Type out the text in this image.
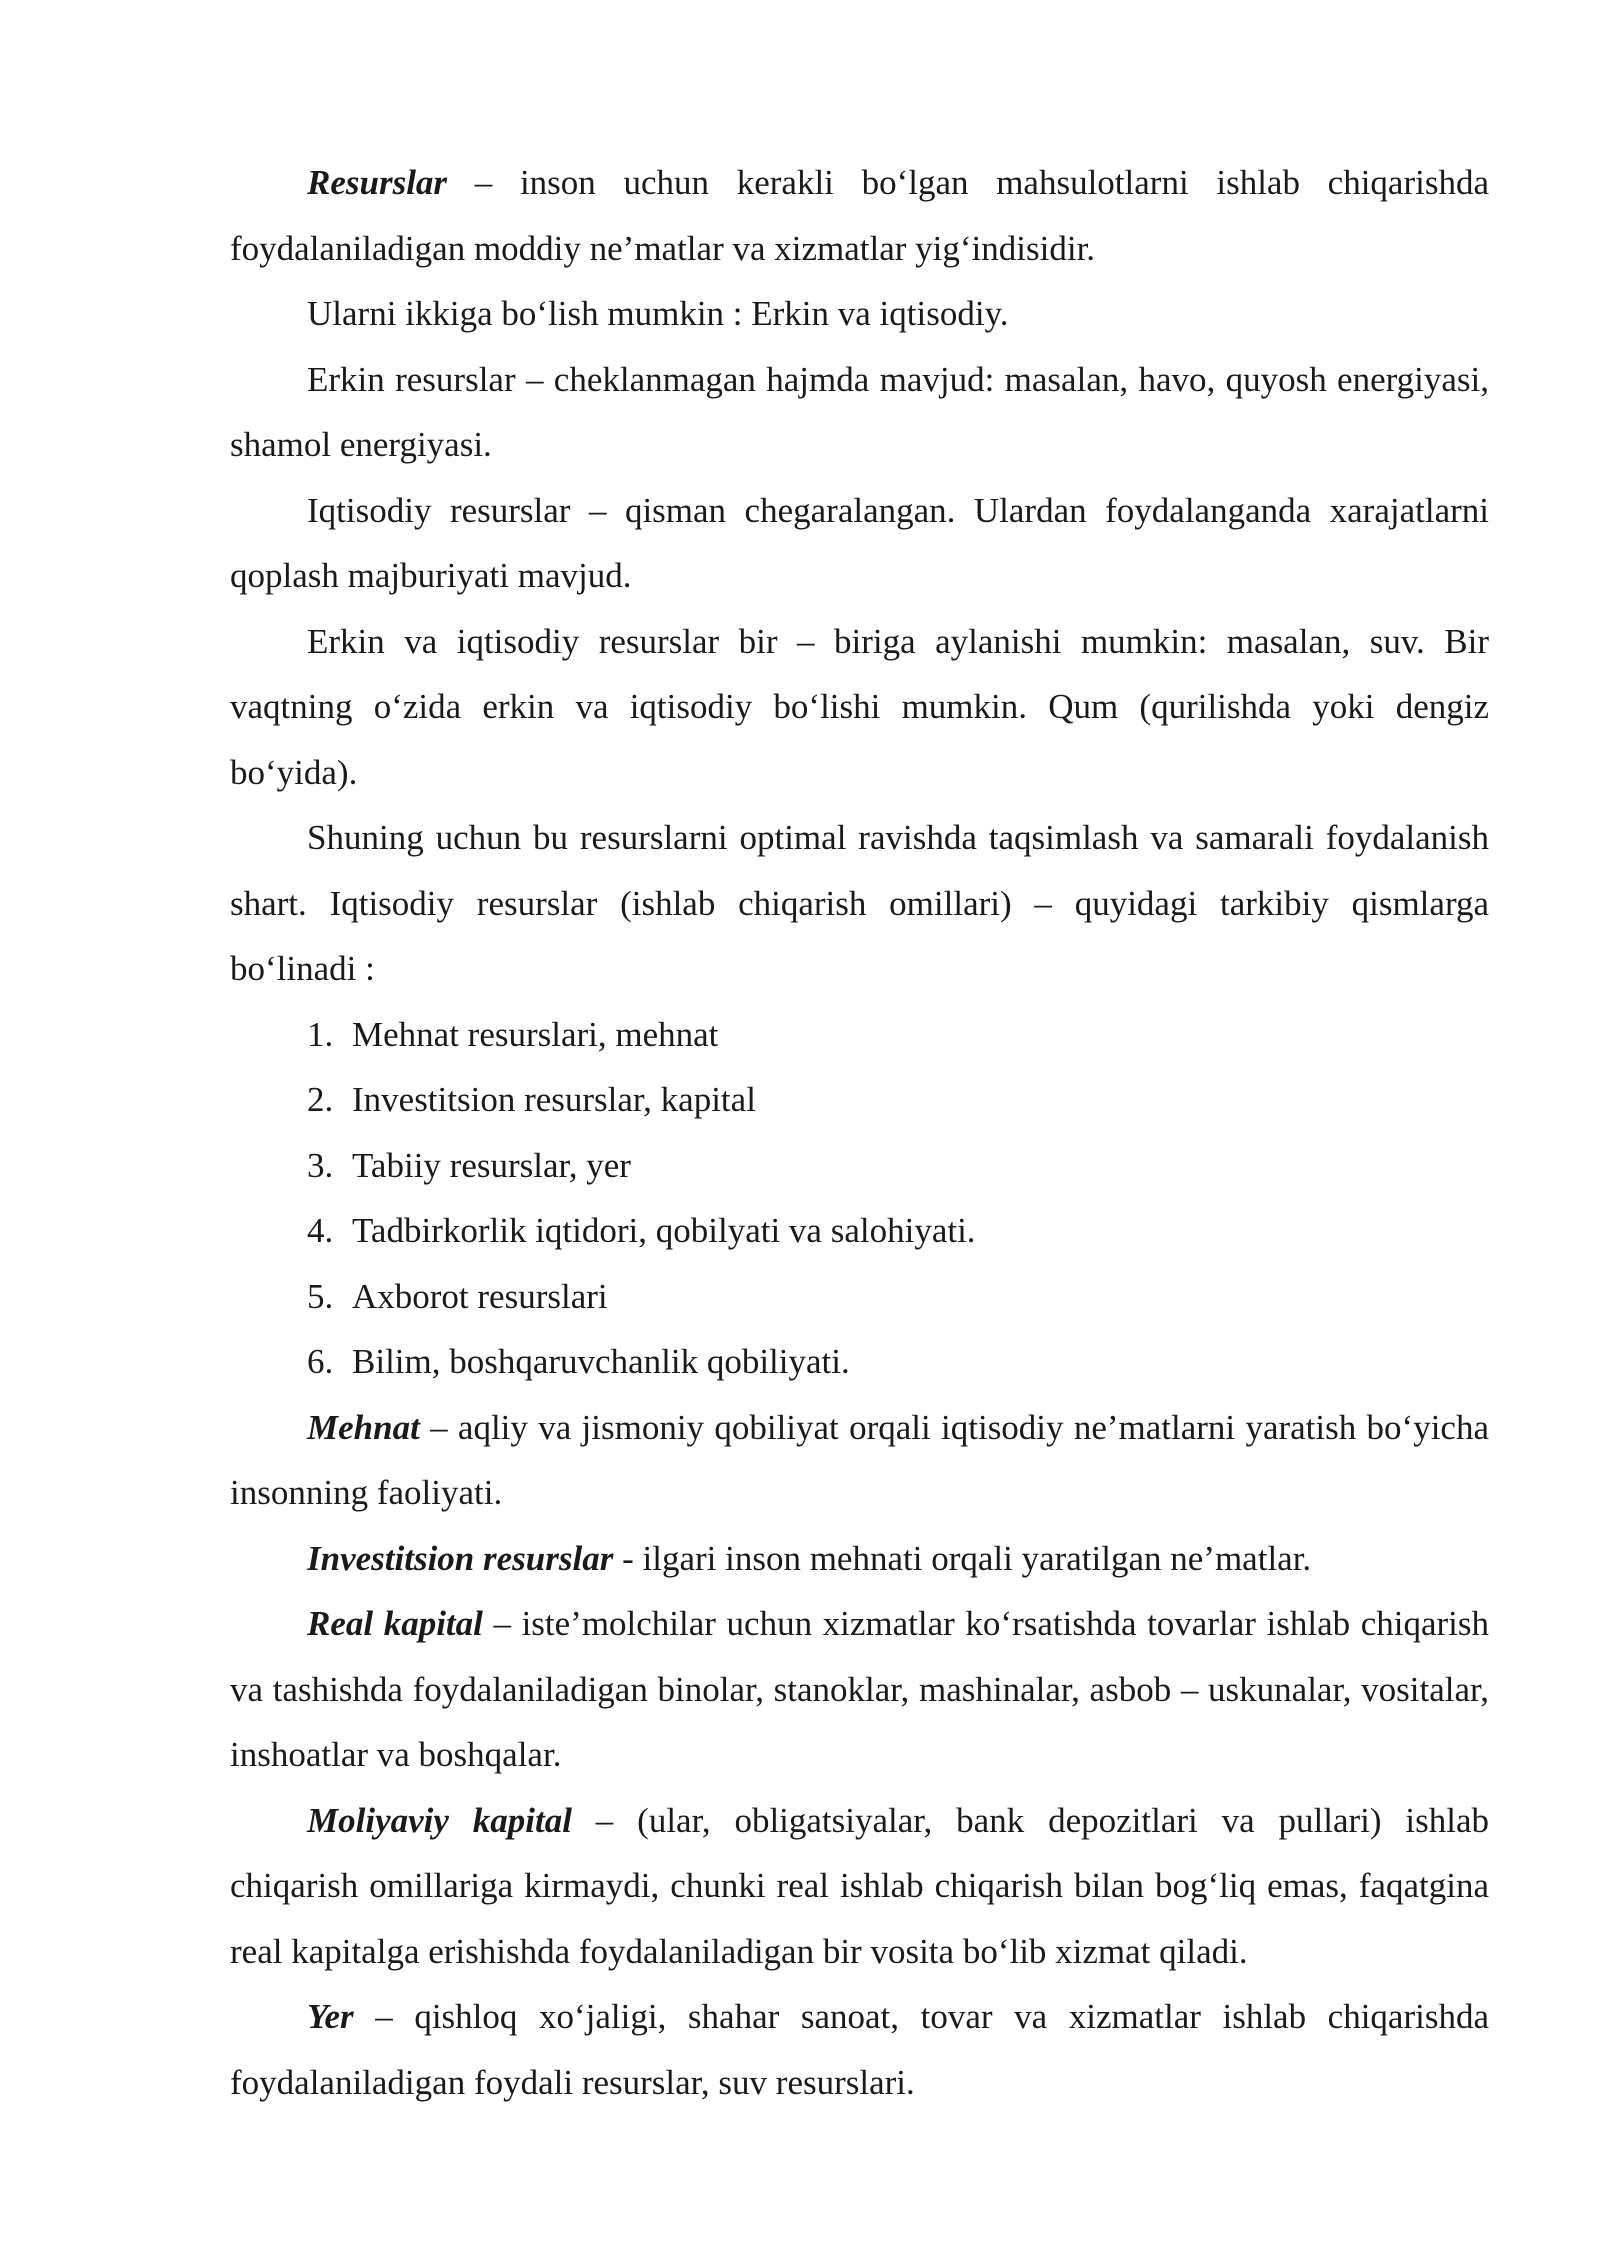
Resurslar – inson uchun kerakli bo‘lgan mahsulotlarni ishlab chiqarishda foydalaniladigan moddiy ne’matlar va xizmatlar yig‘indisidir.

Ularni ikkiga bo‘lish mumkin : Erkin va iqtisodiy.

Erkin resurslar – cheklanmagan hajmda mavjud: masalan, havo, quyosh energiyasi, shamol energiyasi.

Iqtisodiy resurslar – qisman chegaralangan. Ulardan foydalanganda xarajatlarni qoplash majburiyati mavjud.

Erkin va iqtisodiy resurslar bir – biriga aylanishi mumkin: masalan, suv. Bir vaqtning o‘zida erkin va iqtisodiy bo‘lishi mumkin. Qum (qurilishda yoki dengiz bo‘yida).

Shuning uchun bu resurslarni optimal ravishda taqsimlash va samarali foydalanish shart. Iqtisodiy resurslar (ishlab chiqarish omillari) – quyidagi tarkibiy qismlarga bo‘linadi :

1. Mehnat resurslari, mehnat
2. Investitsion resurslar, kapital
3. Tabiiy resurslar, yer
4. Tadbirkorlik iqtidori, qobilyati va salohiyati.
5. Axborot resurslari
6. Bilim, boshqaruvchanlik qobiliyati.

Mehnat – aqliy va jismoniy qobiliyat orqali iqtisodiy ne’matlarni yaratish bo‘yicha insonning faoliyati.

Investitsion resurslar - ilgari inson mehnati orqali yaratilgan ne’matlar.

Real kapital – iste’molchilar uchun xizmatlar ko‘rsatishda tovarlar ishlab chiqarish va tashishda foydalaniladigan binolar, stanoklar, mashinalar, asbob – uskunalar, vositalar, inshoatlar va boshqalar.

Moliyaviy kapital – (ular, obligatsiyalar, bank depozitlari va pullari) ishlab chiqarish omillariga kirmaydi, chunki real ishlab chiqarish bilan bog‘liq emas, faqatgina real kapitalga erishishda foydalaniladigan bir vosita bo‘lib xizmat qiladi.

Yer – qishloq xo‘jaligi, shahar sanoat, tovar va xizmatlar ishlab chiqarishda foydalaniladigan foydali resurslar, suv resurslari.
